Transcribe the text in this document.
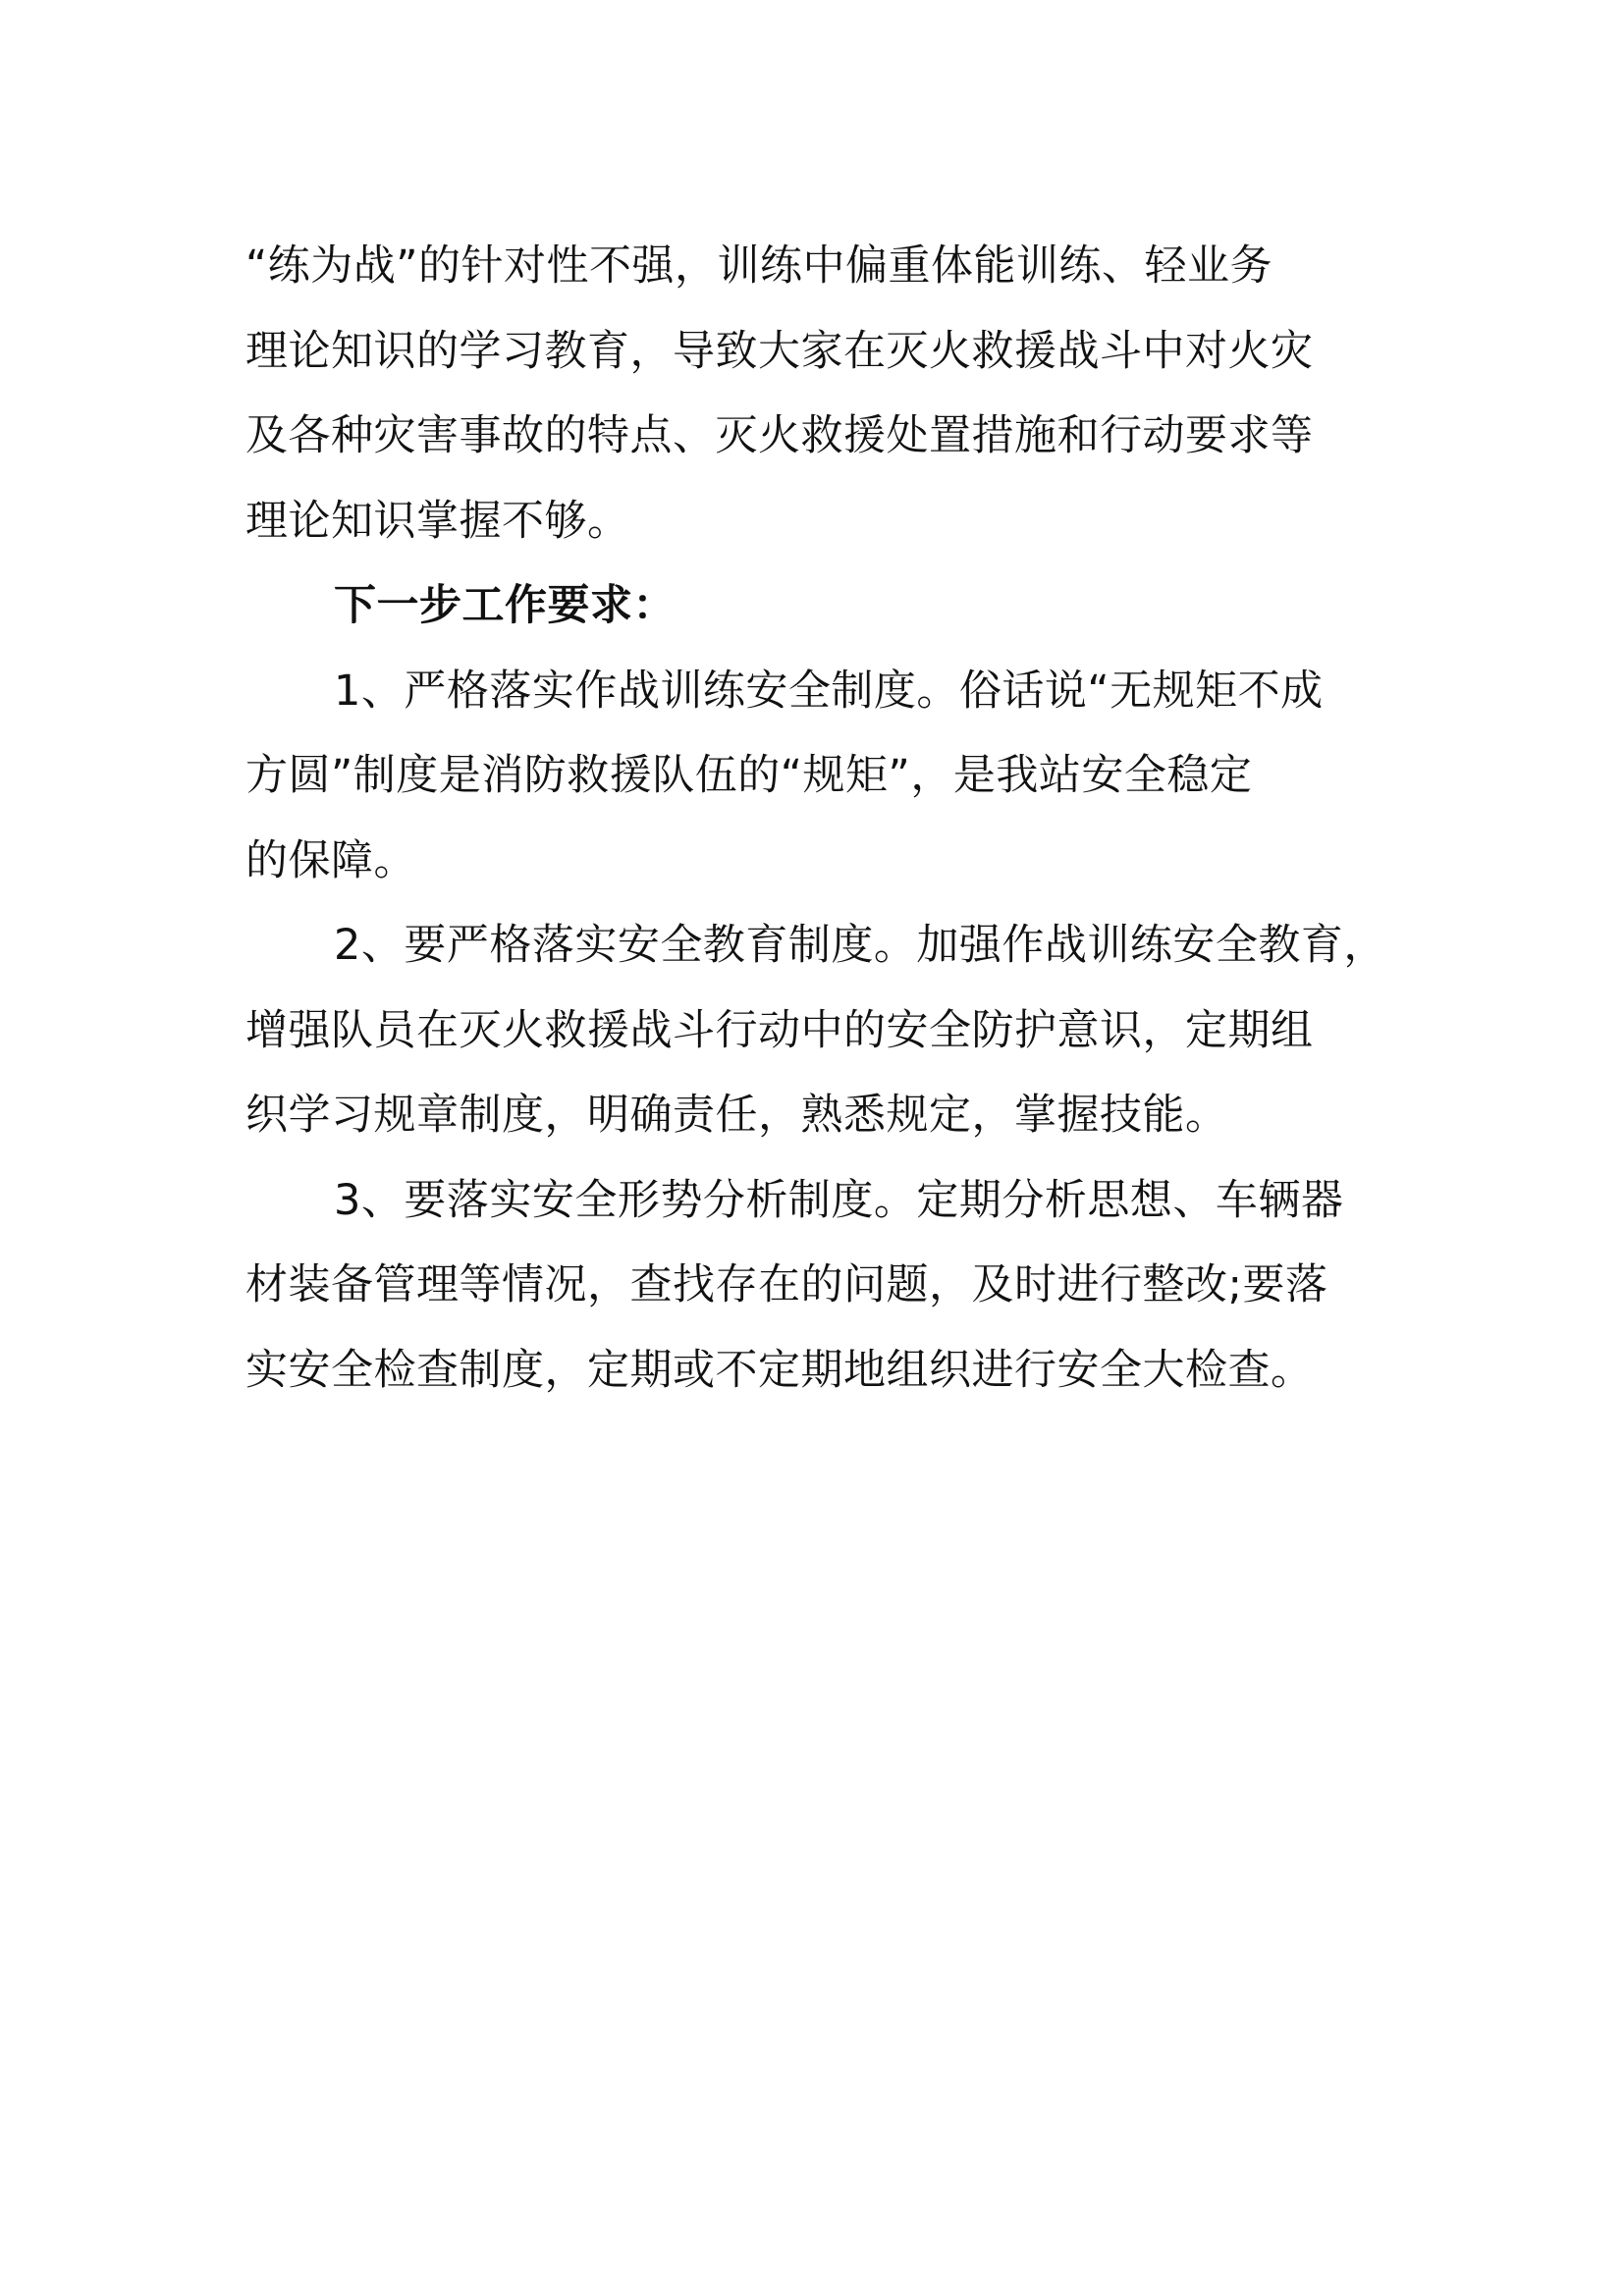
“练为战”的针对性不强，训练中偏重体能训练、轻业务
理论知识的学习教育，导致大家在灭火救援战斗中对火灾
及各种灾害事故的特点、灭火救援处置措施和行动要求等
理论知识掌握不够。
下一步工作要求：
1、严格落实作战训练安全制度。俗话说“无规矩不成
方圆”制度是消防救援队伍的“规矩”，是我站安全稳定
的保障。
2、要严格落实安全教育制度。加强作战训练安全教育，
增强队员在灭火救援战斗行动中的安全防护意识，定期组
织学习规章制度，明确责任，熟悉规定，掌握技能。
3、要落实安全形势分析制度。定期分析思想、车辆器
材装备管理等情况，查找存在的问题，及时进行整改;要落
实安全检查制度，定期或不定期地组织进行安全大检查。
